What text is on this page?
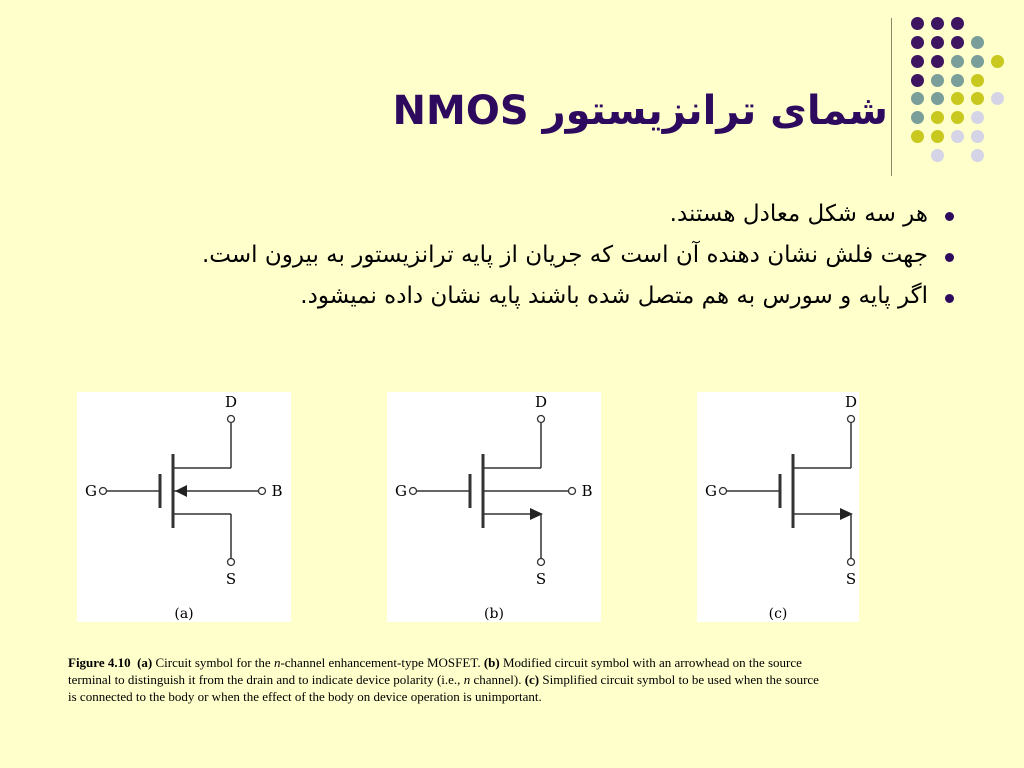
شمای ترانزیستور NMOS
هر سه شکل معادل هستند.
جهت فلش نشان دهنده آن است که جریان از پایه ترانزیستور به بیرون است.
اگر پایه و سورس به هم متصل شده باشند پایه نشان داده نمیشود.
D
G	B
S
(a)
D
G	B
S
(b)
D
G
S
(c)
Figure 4.10 (a) Circuit symbol for the n-channel enhancement-type MOSFET. (b) Modified circuit symbol with an arrowhead on the source terminal to distinguish it from the drain and to indicate device polarity (i.e., n channel). (c) Simplified circuit symbol to be used when the source is connected to the body or when the effect of the body on device operation is unimportant.
